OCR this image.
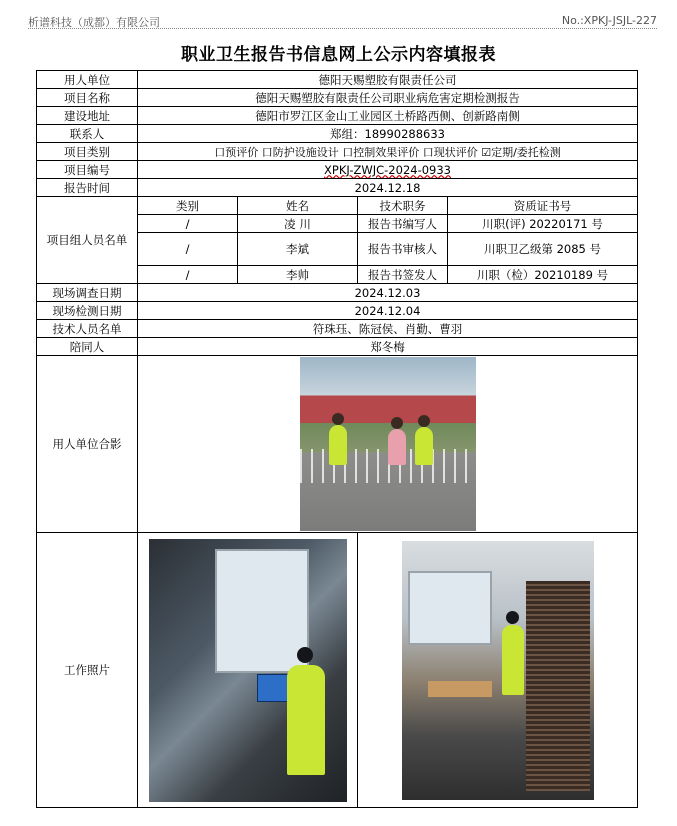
析谱科技（成都）有限公司	No.:XPKJ-JSJL-227
职业卫生报告书信息网上公示内容填报表
用人单位	德阳天赐塑胶有限责任公司			
项目名称	德阳天赐塑胶有限责任公司职业病危害定期检测报告			
建设地址	德阳市罗江区金山工业园区土桥路西侧、创新路南侧			
联系人	郑组：18990288633			
项目类别	口预评价 口防护设施设计 口控制效果评价 口现状评价 ☑定期/委托检测			
项目编号	XPKJ-ZWJC-2024-0933			
报告时间	2024.12.18			
项目组人员名单	类别	姓名	技术职务	资质证书号
	/	凌 川	报告书编写人	川职(评) 20220171 号
	/	李斌	报告书审核人	川职卫乙级第 2085 号
	/	李帅	报告书签发人	川职（检）20210189 号
现场调查日期	2024.12.03			
现场检测日期	2024.12.04			
技术人员名单	符珠珏、陈冠侯、肖勤、曹羽			
陪同人	郑冬梅			
用人单位合影				

工作照片			
